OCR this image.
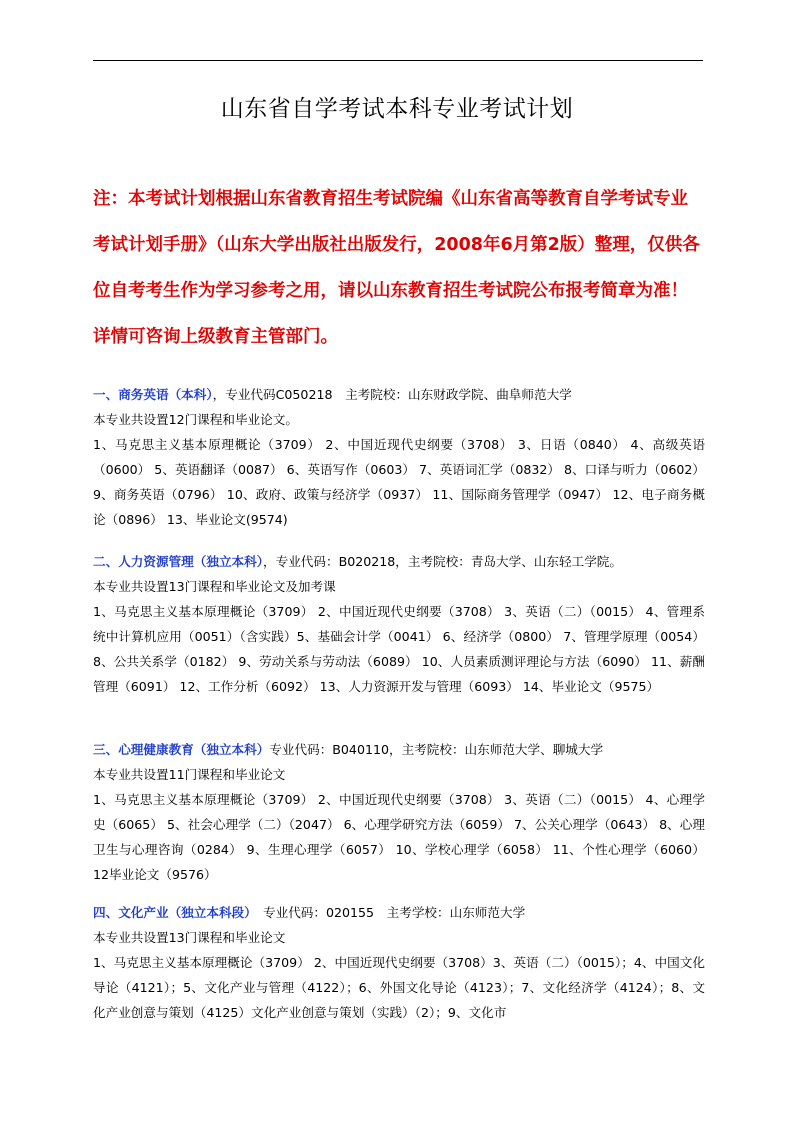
山东省自学考试本科专业考试计划
注：本考试计划根据山东省教育招生考试院编《山东省高等教育自学考试专业考试计划手册》（山东大学出版社出版发行，2008年6月第2版）整理，仅供各位自考考生作为学习参考之用，请以山东教育招生考试院公布报考简章为准！详情可咨询上级教育主管部门。

一、商务英语（本科），专业代码C050218　主考院校：山东财政学院、曲阜师范大学

本专业共设置12门课程和毕业论文。

1、马克思主义基本原理概论（3709） 2、中国近现代史纲要（3708） 3、日语（0840） 4、高级英语（0600） 5、英语翻译（0087） 6、英语写作（0603） 7、英语词汇学（0832） 8、口译与听力（0602） 9、商务英语（0796） 10、政府、政策与经济学（0937） 11、国际商务管理学（0947） 12、电子商务概论（0896） 13、毕业论文(9574)

二、人力资源管理（独立本科），专业代码：B020218，主考院校：青岛大学、山东轻工学院。

本专业共设置13门课程和毕业论文及加考课

1、马克思主义基本原理概论（3709） 2、中国近现代史纲要（3708） 3、英语（二）（0015） 4、管理系统中计算机应用（0051）（含实践）5、基础会计学（0041） 6、经济学（0800） 7、管理学原理（0054） 8、公共关系学（0182） 9、劳动关系与劳动法（6089） 10、人员素质测评理论与方法（6090） 11、薪酬管理（6091） 12、工作分析（6092） 13、人力资源开发与管理（6093） 14、毕业论文（9575）

三、心理健康教育（独立本科）专业代码：B040110，主考院校：山东师范大学、聊城大学

本专业共设置11门课程和毕业论文

1、马克思主义基本原理概论（3709） 2、中国近现代史纲要（3708） 3、英语（二）（0015） 4、心理学史（6065） 5、社会心理学（二）（2047） 6、心理学研究方法（6059） 7、公关心理学（0643） 8、心理卫生与心理咨询（0284） 9、生理心理学（6057） 10、学校心理学（6058） 11、个性心理学（6060） 12毕业论文（9576）

四、文化产业（独立本科段）　专业代码：020155　主考学校：山东师范大学

本专业共设置13门课程和毕业论文

1、马克思主义基本原理概论（3709） 2、中国近现代史纲要（3708）3、英语（二）（0015）；4、中国文化导论（4121）；5、文化产业与管理（4122）；6、外国文化导论（4123）；7、文化经济学（4124）；8、文化产业创意与策划（4125）文化产业创意与策划（实践）（2）；9、文化市
